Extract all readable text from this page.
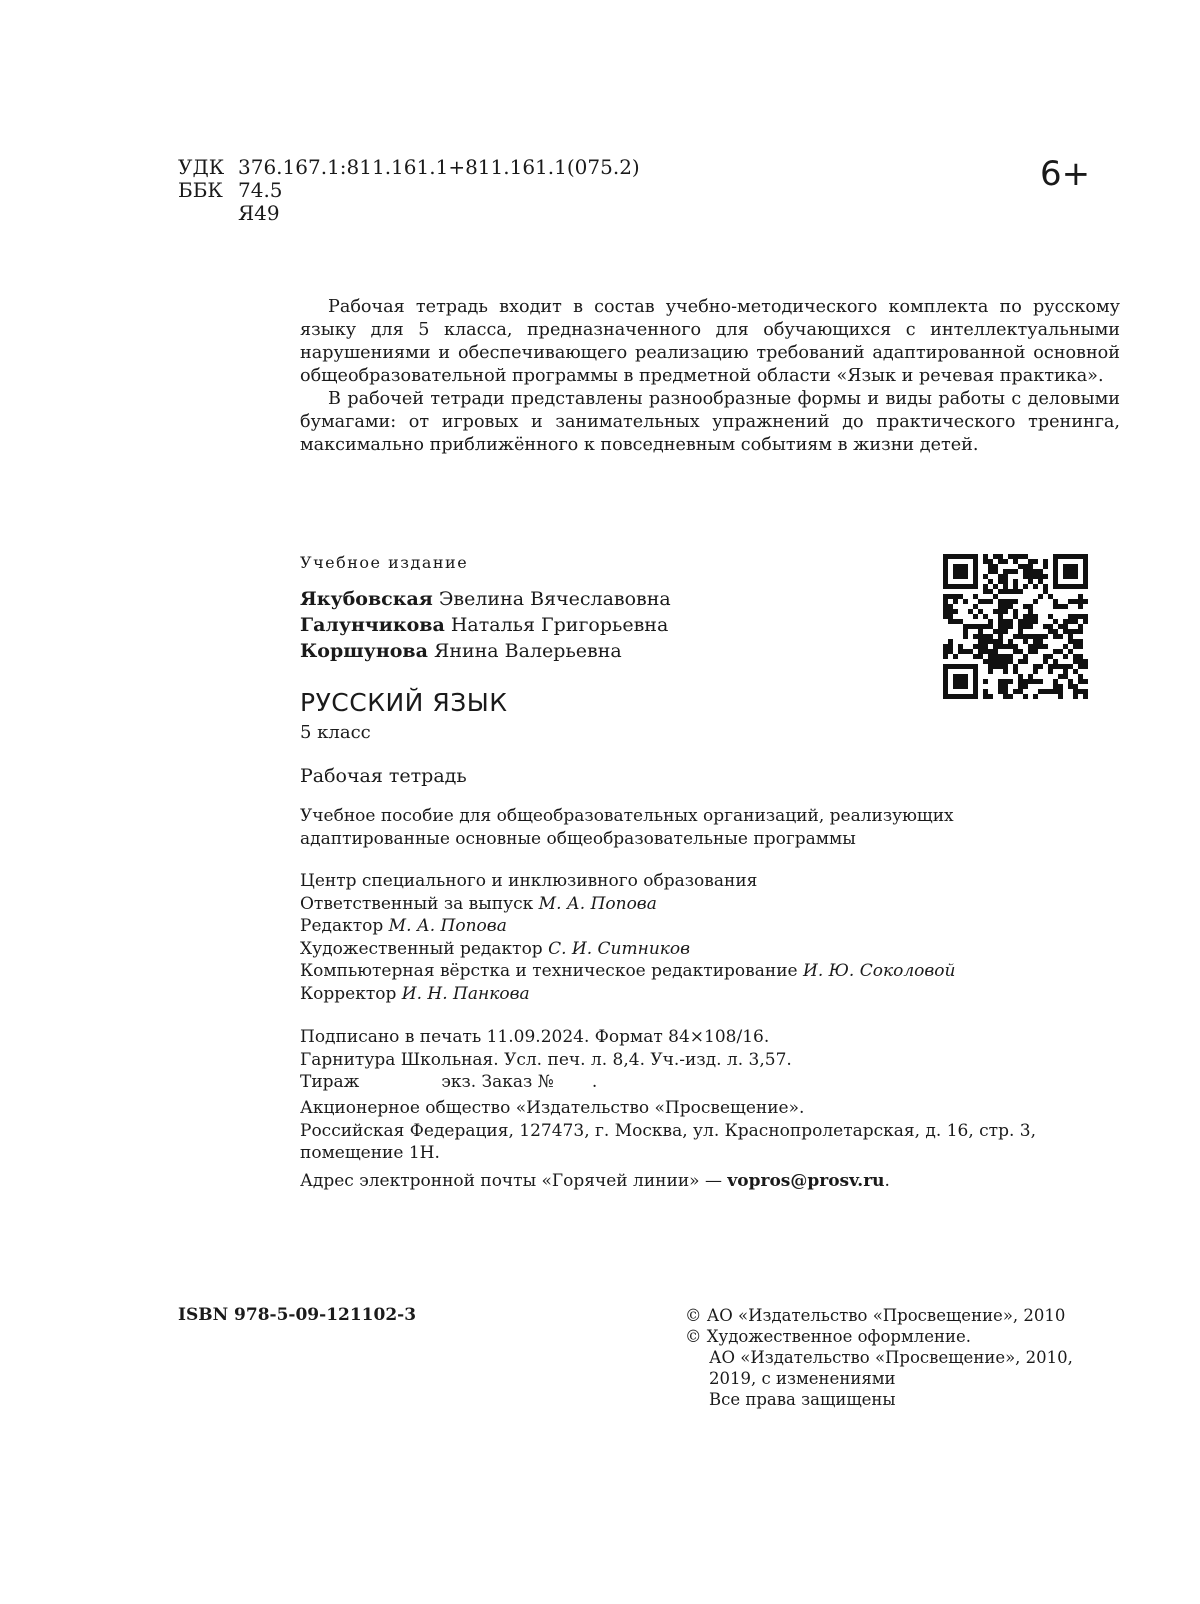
УДК 376.167.1:811.161.1+811.161.1(075.2)
ББК 74.5
Я49
6+

Рабочая тетрадь входит в состав учебно-методического комплекта по русскому языку для 5 класса, предназначенного для обучающихся с интеллектуальными нарушениями и обеспечивающего реализацию требований адаптированной основной общеобразовательной программы в предметной области «Язык и речевая практика».

В рабочей тетради представлены разнообразные формы и виды работы с деловыми бумагами: от игровых и занимательных упражнений до практического тренинга, максимально приближённого к повседневным событиям в жизни детей.

Учебное издание
Якубовская Эвелина Вячеславовна
Галунчикова Наталья Григорьевна
Коршунова Янина Валерьевна
РУССКИЙ ЯЗЫК
5 класс
Рабочая тетрадь
Учебное пособие для общеобразовательных организаций, реализующих адаптированные основные общеобразовательные программы
Центр специального и инклюзивного образования
Ответственный за выпуск М. А. Попова
Редактор М. А. Попова
Художественный редактор С. И. Ситников
Компьютерная вёрстка и техническое редактирование И. Ю. Соколовой
Корректор И. Н. Панкова
Подписано в печать 11.09.2024. Формат 84×108/16.
Гарнитура Школьная. Усл. печ. л. 8,4. Уч.-изд. л. 3,57.
Тираж	экз. Заказ № .
Акционерное общество «Издательство «Просвещение».
Российская Федерация, 127473, г. Москва, ул. Краснопролетарская, д. 16, стр. 3, помещение 1Н.
Адрес электронной почты «Горячей линии» — vopros@prosv.ru.
ISBN 978-5-09-121102-3	© АО «Издательство «Просвещение», 2010
© Художественное оформление.
АО «Издательство «Просвещение», 2010,
2019, с изменениями
Все права защищены
